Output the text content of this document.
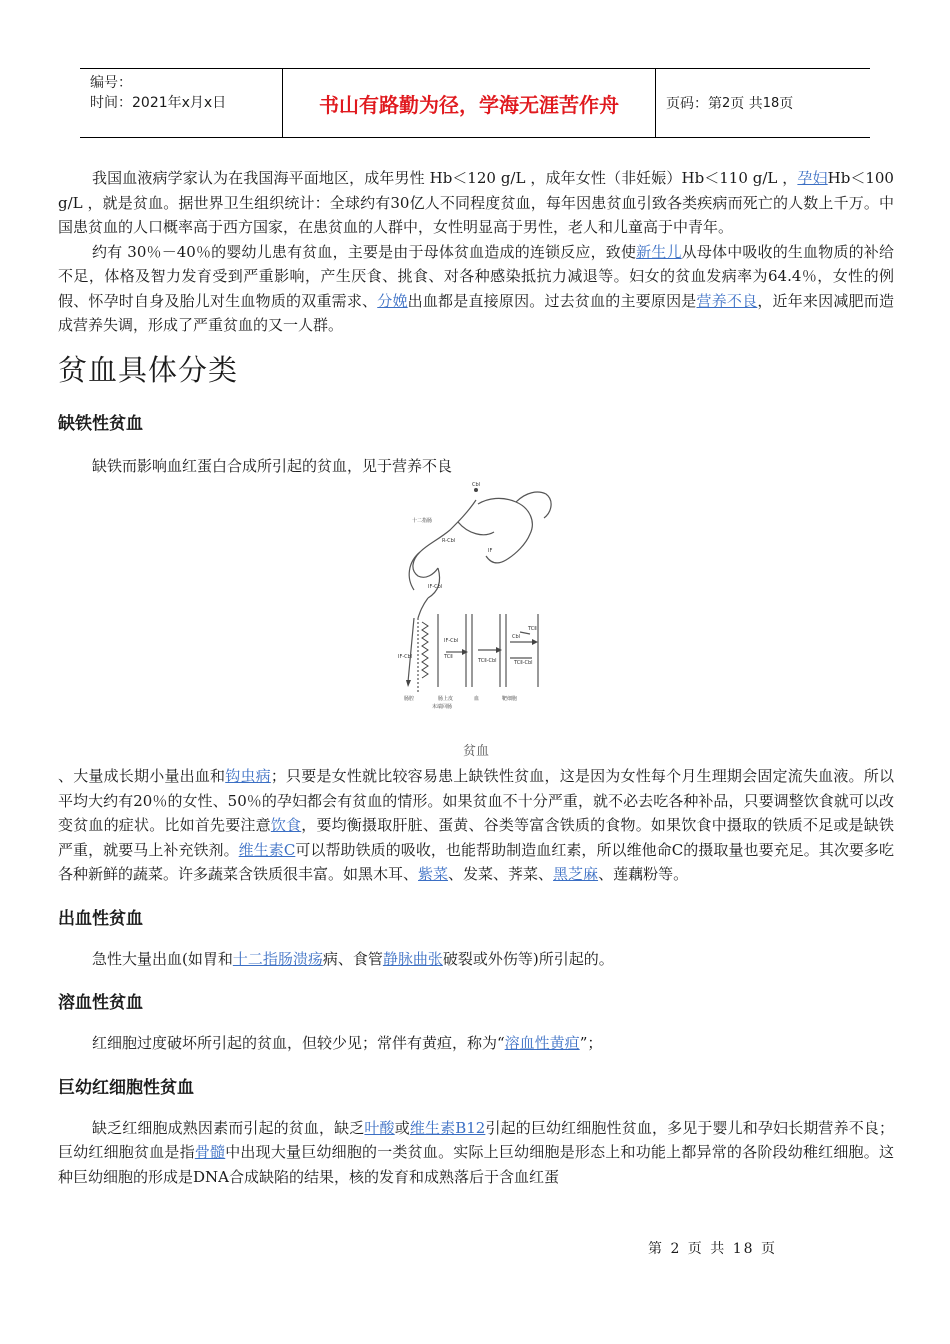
编号：
时间：2021年x月x日	书山有路勤为径，学海无涯苦作舟	页码：第 2 页 共 18 页

我国血液病学家认为在我国海平面地区，成年男性 Hb＜120 g/L ，成年女性（非妊娠）Hb＜110 g/L ，孕妇Hb＜100 g/L ，就是贫血。据世界卫生组织统计：全球约有30亿人不同程度贫血，每年因患贫血引致各类疾病而死亡的人数上千万。中国患贫血的人口概率高于西方国家，在患贫血的人群中，女性明显高于男性，老人和儿童高于中青年。

约有 30％－40％的婴幼儿患有贫血，主要是由于母体贫血造成的连锁反应，致使新生儿从母体中吸收的生血物质的补给不足，体格及智力发育受到严重影响，产生厌食、挑食、对各种感染抵抗力减退等。妇女的贫血发病率为64.4％，女性的例假、怀孕时自身及胎儿对生血物质的双重需求、分娩出血都是直接原因。过去贫血的主要原因是营养不良，近年来因减肥而造成营养失调，形成了严重贫血的又一人群。

贫血具体分类
缺铁性贫血

缺铁而影响血红蛋白合成所引起的贫血，见于营养不良

Cbl
十二指肠
R-Cbl
IF
IF-Cbl
IF-Cbl
TCⅡ
TCⅡ-Cbl
Cbl
TCⅡ
TCⅡ-Cbl
IF-Cbl
肠腔	肠上皮	血	靶细胞
末端回肠
贫血

、大量成长期小量出血和钩虫病；只要是女性就比较容易患上缺铁性贫血，这是因为女性每个月生理期会固定流失血液。所以平均大约有20％的女性、50％的孕妇都会有贫血的情形。如果贫血不十分严重，就不必去吃各种补品，只要调整饮食就可以改变贫血的症状。比如首先要注意饮食，要均衡摄取肝脏、蛋黄、谷类等富含铁质的食物。如果饮食中摄取的铁质不足或是缺铁严重，就要马上补充铁剂。维生素C可以帮助铁质的吸收，也能帮助制造血红素，所以维他命C的摄取量也要充足。其次要多吃各种新鲜的蔬菜。许多蔬菜含铁质很丰富。如黑木耳、紫菜、发菜、荠菜、黑芝麻、莲藕粉等。

出血性贫血

急性大量出血(如胃和十二指肠溃疡病、食管静脉曲张破裂或外伤等)所引起的。

溶血性贫血

红细胞过度破坏所引起的贫血，但较少见；常伴有黄疸，称为“溶血性黄疸”；

巨幼红细胞性贫血

缺乏红细胞成熟因素而引起的贫血，缺乏叶酸或维生素B12引起的巨幼红细胞性贫血，多见于婴儿和孕妇长期营养不良；巨幼红细胞贫血是指骨髓中出现大量巨幼细胞的一类贫血。实际上巨幼细胞是形态上和功能上都异常的各阶段幼稚红细胞。这种巨幼细胞的形成是DNA合成缺陷的结果，核的发育和成熟落后于含血红蛋

第 2 页 共 18 页
